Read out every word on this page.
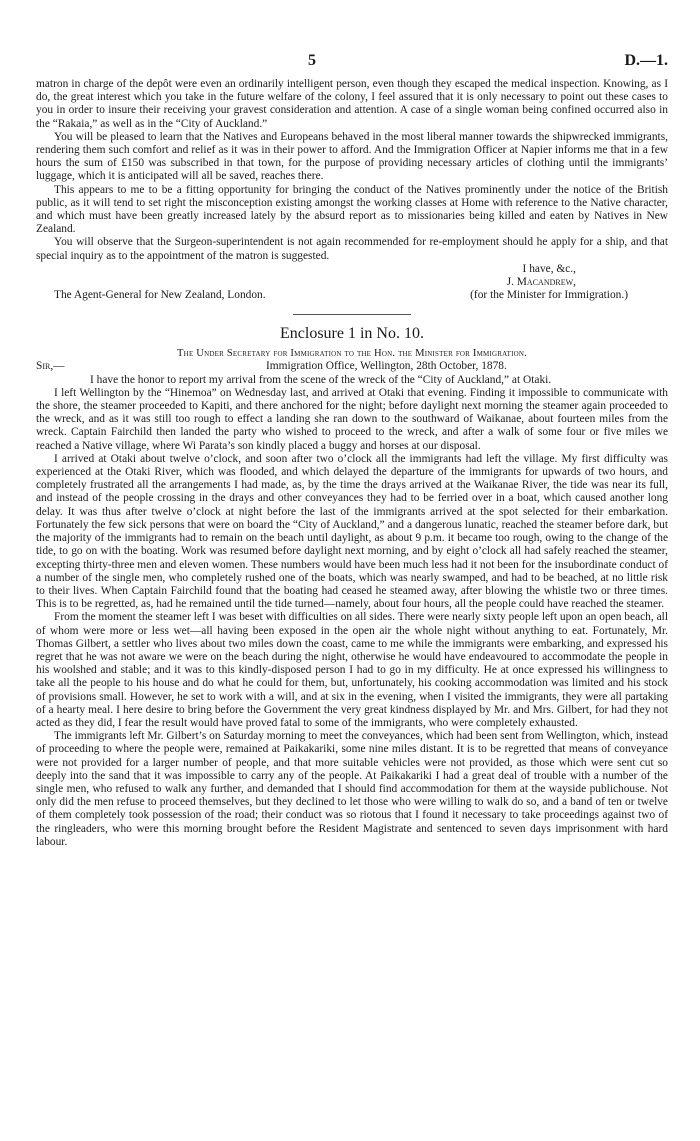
5	D.—1.

matron in charge of the depôt were even an ordinarily intelligent person, even though they escaped the medical inspection. Knowing, as I do, the great interest which you take in the future welfare of the colony, I feel assured that it is only necessary to point out these cases to you in order to insure their receiving your gravest consideration and attention. A case of a single woman being confined occurred also in the “Rakaia,” as well as in the “City of Auckland.”

You will be pleased to learn that the Natives and Europeans behaved in the most liberal manner towards the shipwrecked immigrants, rendering them such comfort and relief as it was in their power to afford. And the Immigration Officer at Napier informs me that in a few hours the sum of £150 was subscribed in that town, for the purpose of providing necessary articles of clothing until the immigrants’ luggage, which it is anticipated will all be saved, reaches there.

This appears to me to be a fitting opportunity for bringing the conduct of the Natives prominently under the notice of the British public, as it will tend to set right the misconception existing amongst the working classes at Home with reference to the Native character, and which must have been greatly increased lately by the absurd report as to missionaries being killed and eaten by Natives in New Zealand.

You will observe that the Surgeon-superintendent is not again recommended for re-employment should he apply for a ship, and that special inquiry as to the appointment of the matron is suggested.

I have, &c.,
J. Macandrew,
The Agent-General for New Zealand, London.	(for the Minister for Immigration.)
Enclosure 1 in No. 10.
The Under Secretary for Immigration to the Hon. the Minister for Immigration.
Sir,—	Immigration Office, Wellington, 28th October, 1878.

I have the honor to report my arrival from the scene of the wreck of the “City of Auckland,” at Otaki.

I left Wellington by the “Hinemoa” on Wednesday last, and arrived at Otaki that evening. Finding it impossible to communicate with the shore, the steamer proceeded to Kapiti, and there anchored for the night; before daylight next morning the steamer again proceeded to the wreck, and as it was still too rough to effect a landing she ran down to the southward of Waikanae, about fourteen miles from the wreck. Captain Fairchild then landed the party who wished to proceed to the wreck, and after a walk of some four or five miles we reached a Native village, where Wi Parata’s son kindly placed a buggy and horses at our disposal.

I arrived at Otaki about twelve o’clock, and soon after two o’clock all the immigrants had left the village. My first difficulty was experienced at the Otaki River, which was flooded, and which delayed the departure of the immigrants for upwards of two hours, and completely frustrated all the arrangements I had made, as, by the time the drays arrived at the Waikanae River, the tide was near its full, and instead of the people crossing in the drays and other conveyances they had to be ferried over in a boat, which caused another long delay. It was thus after twelve o’clock at night before the last of the immigrants arrived at the spot selected for their embarkation. Fortunately the few sick persons that were on board the “City of Auckland,” and a dangerous lunatic, reached the steamer before dark, but the majority of the immigrants had to remain on the beach until daylight, as about 9 p.m. it became too rough, owing to the change of the tide, to go on with the boating. Work was resumed before daylight next morning, and by eight o’clock all had safely reached the steamer, excepting thirty-three men and eleven women. These numbers would have been much less had it not been for the insubordinate conduct of a number of the single men, who completely rushed one of the boats, which was nearly swamped, and had to be beached, at no little risk to their lives. When Captain Fairchild found that the boating had ceased he steamed away, after blowing the whistle two or three times. This is to be regretted, as, had he remained until the tide turned—namely, about four hours, all the people could have reached the steamer.

From the moment the steamer left I was beset with difficulties on all sides. There were nearly sixty people left upon an open beach, all of whom were more or less wet—all having been exposed in the open air the whole night without anything to eat. Fortunately, Mr. Thomas Gilbert, a settler who lives about two miles down the coast, came to me while the immigrants were embarking, and expressed his regret that he was not aware we were on the beach during the night, otherwise he would have endeavoured to accommodate the people in his woolshed and stable; and it was to this kindly-disposed person I had to go in my difficulty. He at once expressed his willingness to take all the people to his house and do what he could for them, but, unfortunately, his cooking accommodation was limited and his stock of provisions small. However, he set to work with a will, and at six in the evening, when I visited the immigrants, they were all partaking of a hearty meal. I here desire to bring before the Government the very great kindness displayed by Mr. and Mrs. Gilbert, for had they not acted as they did, I fear the result would have proved fatal to some of the immigrants, who were completely exhausted.

The immigrants left Mr. Gilbert’s on Saturday morning to meet the conveyances, which had been sent from Wellington, which, instead of proceeding to where the people were, remained at Paikakariki, some nine miles distant. It is to be regretted that means of conveyance were not provided for a larger number of people, and that more suitable vehicles were not provided, as those which were sent cut so deeply into the sand that it was impossible to carry any of the people. At Paikakariki I had a great deal of trouble with a number of the single men, who refused to walk any further, and demanded that I should find accommodation for them at the wayside publichouse. Not only did the men refuse to proceed themselves, but they declined to let those who were willing to walk do so, and a band of ten or twelve of them completely took possession of the road; their conduct was so riotous that I found it necessary to take proceedings against two of the ringleaders, who were this morning brought before the Resident Magistrate and sentenced to seven days imprisonment with hard labour.
